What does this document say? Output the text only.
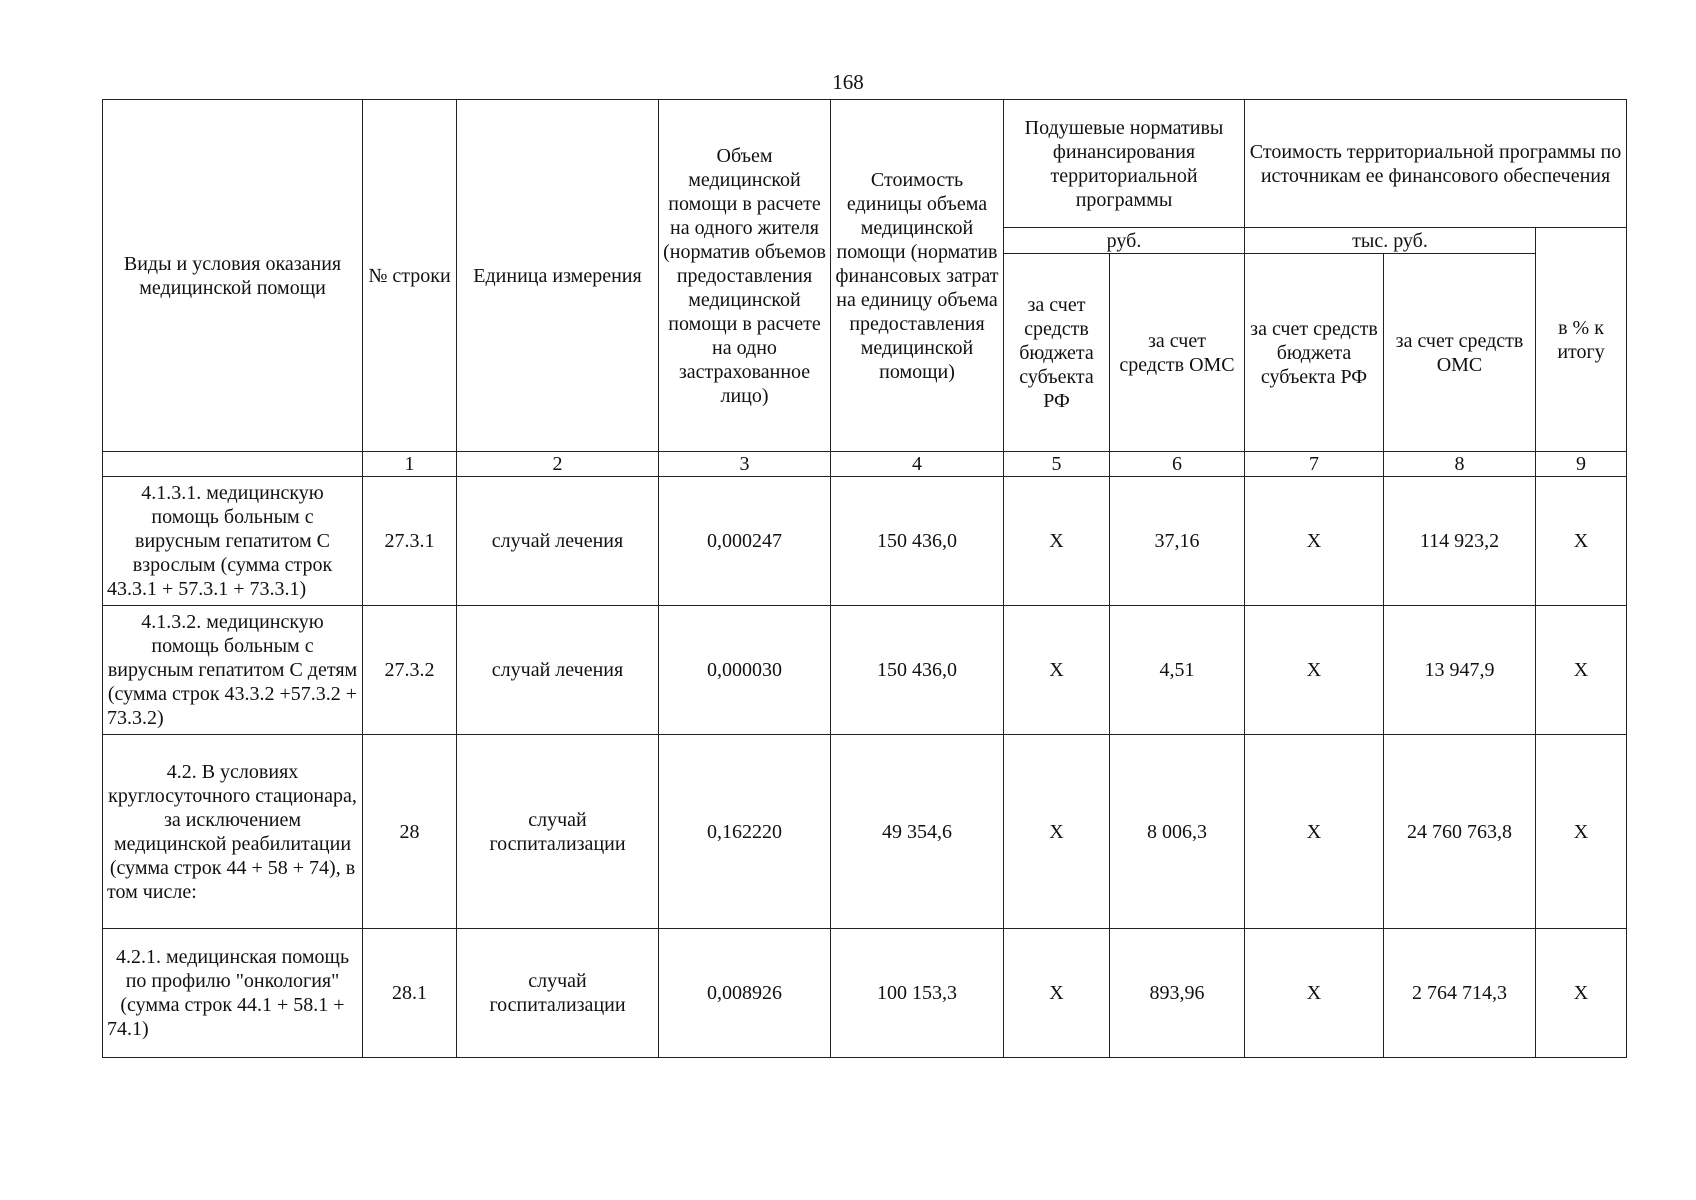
168
Виды и условия оказания медицинской помощи	№ строки	Единица измерения	Объем медицинской помощи в расчете на одного жителя (норматив объемов предоставления медицинской помощи в расчете на одно застрахованное лицо)	Стоимость единицы объема медицинской помощи (норматив финансовых затрат на единицу объема предоставления медицинской помощи)	Подушевые нормативы финансирования территориальной программы		Стоимость территориальной программы по источникам ее финансового обеспечения		
					руб.		тыс. руб.		в % к итогу
					за счет средств бюджета субъекта РФ	за счет средств ОМС	за счет средств бюджета субъекта РФ	за счет средств ОМС	
	1	2	3	4	5	6	7	8	9
4.1.3.1. медицинскую помощь больным с вирусным гепатитом С взрослым (сумма строк 43.3.1 + 57.3.1 + 73.3.1)	27.3.1	случай лечения	0,000247	150 436,0	Х	37,16	Х	114 923,2	Х
4.1.3.2. медицинскую помощь больным с вирусным гепатитом С детям (сумма строк 43.3.2 +57.3.2 + 73.3.2)	27.3.2	случай лечения	0,000030	150 436,0	Х	4,51	Х	13 947,9	Х
4.2. В условиях круглосуточного стационара, за исключением медицинской реабилитации (сумма строк 44 + 58 + 74), в том числе:	28	случай госпитализации	0,162220	49 354,6	Х	8 006,3	Х	24 760 763,8	Х
4.2.1. медицинская помощь по профилю "онкология" (сумма строк 44.1 + 58.1 + 74.1)	28.1	случай госпитализации	0,008926	100 153,3	Х	893,96	Х	2 764 714,3	Х
